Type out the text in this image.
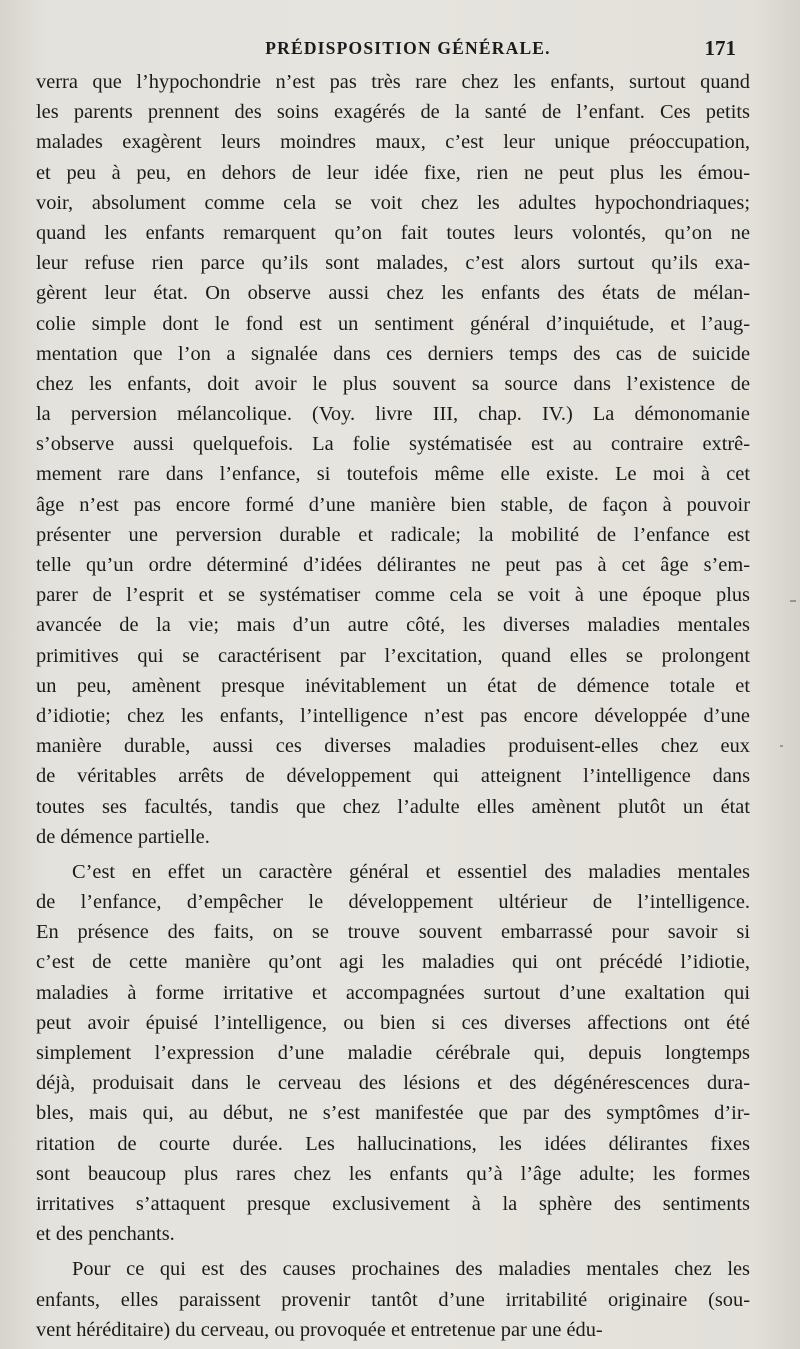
PRÉDISPOSITION GÉNÉRALE.	171
verra que l’hypochondrie n’est pas très rare chez les enfants, surtout quand
les parents prennent des soins exagérés de la santé de l’enfant. Ces petits
malades exagèrent leurs moindres maux, c’est leur unique préoccupation,
et peu à peu, en dehors de leur idée fixe, rien ne peut plus les émou-
voir, absolument comme cela se voit chez les adultes hypochondriaques;
quand les enfants remarquent qu’on fait toutes leurs volontés, qu’on ne
leur refuse rien parce qu’ils sont malades, c’est alors surtout qu’ils exa-
gèrent leur état. On observe aussi chez les enfants des états de mélan-
colie simple dont le fond est un sentiment général d’inquiétude, et l’aug-
mentation que l’on a signalée dans ces derniers temps des cas de suicide
chez les enfants, doit avoir le plus souvent sa source dans l’existence de
la perversion mélancolique. (Voy. livre III, chap. IV.) La démonomanie
s’observe aussi quelquefois. La folie systématisée est au contraire extrê-
mement rare dans l’enfance, si toutefois même elle existe. Le moi à cet
âge n’est pas encore formé d’une manière bien stable, de façon à pouvoir
présenter une perversion durable et radicale; la mobilité de l’enfance est
telle qu’un ordre déterminé d’idées délirantes ne peut pas à cet âge s’em-
parer de l’esprit et se systématiser comme cela se voit à une époque plus
avancée de la vie; mais d’un autre côté, les diverses maladies mentales
primitives qui se caractérisent par l’excitation, quand elles se prolongent
un peu, amènent presque inévitablement un état de démence totale et
d’idiotie; chez les enfants, l’intelligence n’est pas encore développée d’une
manière durable, aussi ces diverses maladies produisent-elles chez eux
de véritables arrêts de développement qui atteignent l’intelligence dans
toutes ses facultés, tandis que chez l’adulte elles amènent plutôt un état
de démence partielle.
C’est en effet un caractère général et essentiel des maladies mentales
de l’enfance, d’empêcher le développement ultérieur de l’intelligence.
En présence des faits, on se trouve souvent embarrassé pour savoir si
c’est de cette manière qu’ont agi les maladies qui ont précédé l’idiotie,
maladies à forme irritative et accompagnées surtout d’une exaltation qui
peut avoir épuisé l’intelligence, ou bien si ces diverses affections ont été
simplement l’expression d’une maladie cérébrale qui, depuis longtemps
déjà, produisait dans le cerveau des lésions et des dégénérescences dura-
bles, mais qui, au début, ne s’est manifestée que par des symptômes d’ir-
ritation de courte durée. Les hallucinations, les idées délirantes fixes
sont beaucoup plus rares chez les enfants qu’à l’âge adulte; les formes
irritatives s’attaquent presque exclusivement à la sphère des sentiments
et des penchants.
Pour ce qui est des causes prochaines des maladies mentales chez les
enfants, elles paraissent provenir tantôt d’une irritabilité originaire (sou-
vent héréditaire) du cerveau, ou provoquée et entretenue par une édu-
